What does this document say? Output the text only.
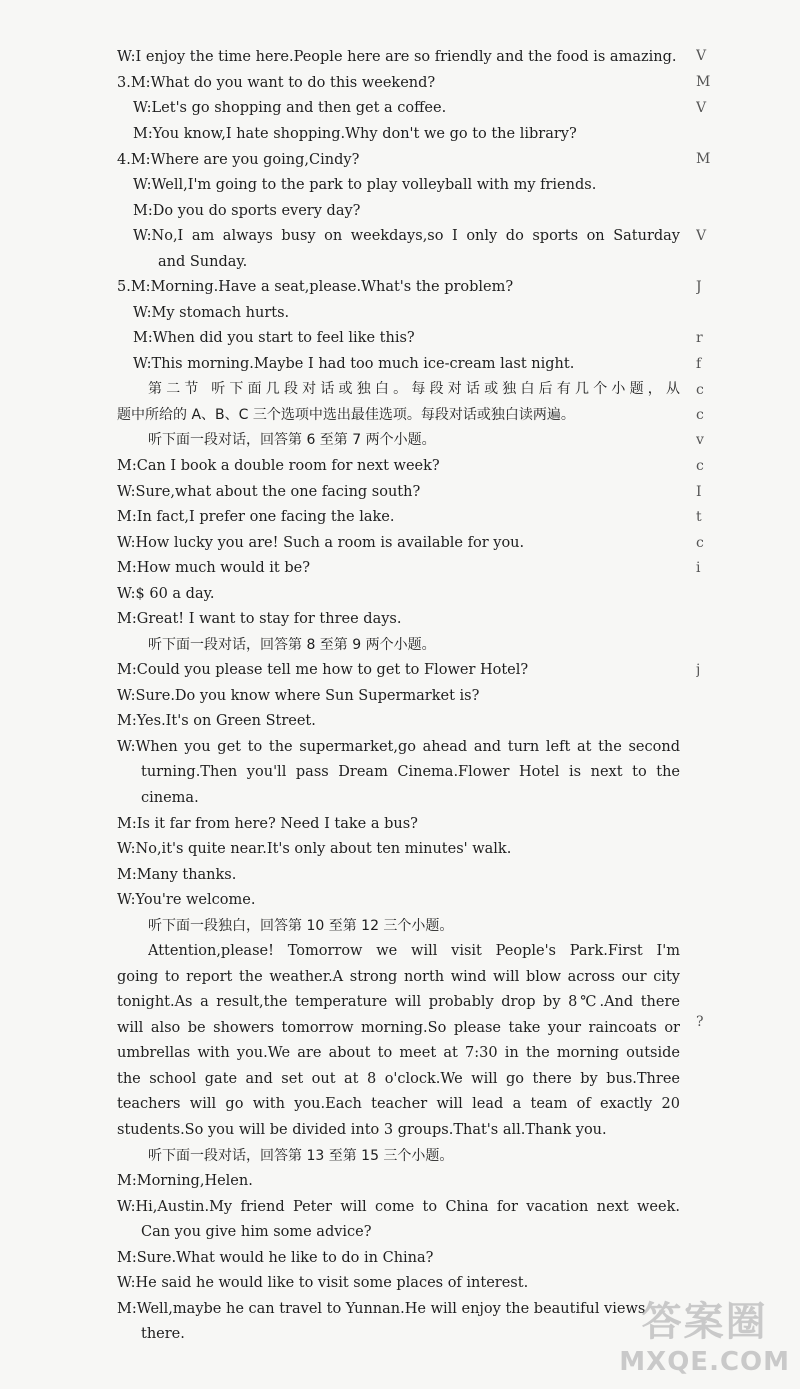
W:I enjoy the time here.People here are so friendly and the food is amazing.
3.M:What do you want to do this weekend?
W:Let's go shopping and then get a coffee.
M:You know,I hate shopping.Why don't we go to the library?
4.M:Where are you going,Cindy?
W:Well,I'm going to the park to play volleyball with my friends.
M:Do you do sports every day?
W:No,I am always busy on weekdays,so I only do sports on Saturday
and Sunday.
5.M:Morning.Have a seat,please.What's the problem?
W:My stomach hurts.
M:When did you start to feel like this?
W:This morning.Maybe I had too much ice-cream last night.
第二节 听下面几段对话或独白。每段对话或独白后有几个小题，从
题中所给的 A、B、C 三个选项中选出最佳选项。每段对话或独白读两遍。
听下面一段对话，回答第 6 至第 7 两个小题。
M:Can I book a double room for next week?
W:Sure,what about the one facing south?
M:In fact,I prefer one facing the lake.
W:How lucky you are! Such a room is available for you.
M:How much would it be?
W:$ 60 a day.
M:Great! I want to stay for three days.
听下面一段对话，回答第 8 至第 9 两个小题。
M:Could you please tell me how to get to Flower Hotel?
W:Sure.Do you know where Sun Supermarket is?
M:Yes.It's on Green Street.
W:When you get to the supermarket,go ahead and turn left at the second
turning.Then you'll pass Dream Cinema.Flower Hotel is next to the
cinema.
M:Is it far from here? Need I take a bus?
W:No,it's quite near.It's only about ten minutes' walk.
M:Many thanks.
W:You're welcome.
听下面一段独白，回答第 10 至第 12 三个小题。
Attention,please! Tomorrow we will visit People's Park.First I'm
going to report the weather.A strong north wind will blow across our city
tonight.As a result,the temperature will probably drop by 8℃.And there
will also be showers tomorrow morning.So please take your raincoats or
umbrellas with you.We are about to meet at 7:30 in the morning outside
the school gate and set out at 8 o'clock.We will go there by bus.Three
teachers will go with you.Each teacher will lead a team of exactly 20
students.So you will be divided into 3 groups.That's all.Thank you.
听下面一段对话，回答第 13 至第 15 三个小题。
M:Morning,Helen.
W:Hi,Austin.My friend Peter will come to China for vacation next week.
Can you give him some advice?
M:Sure.What would he like to do in China?
W:He said he would like to visit some places of interest.
M:Well,maybe he can travel to Yunnan.He will enjoy the beautiful views
there.
V
M
V
M
V
J
r
f
c
c
v
c
I
t
c
i
j
?
答案圈
MXQE.COM
